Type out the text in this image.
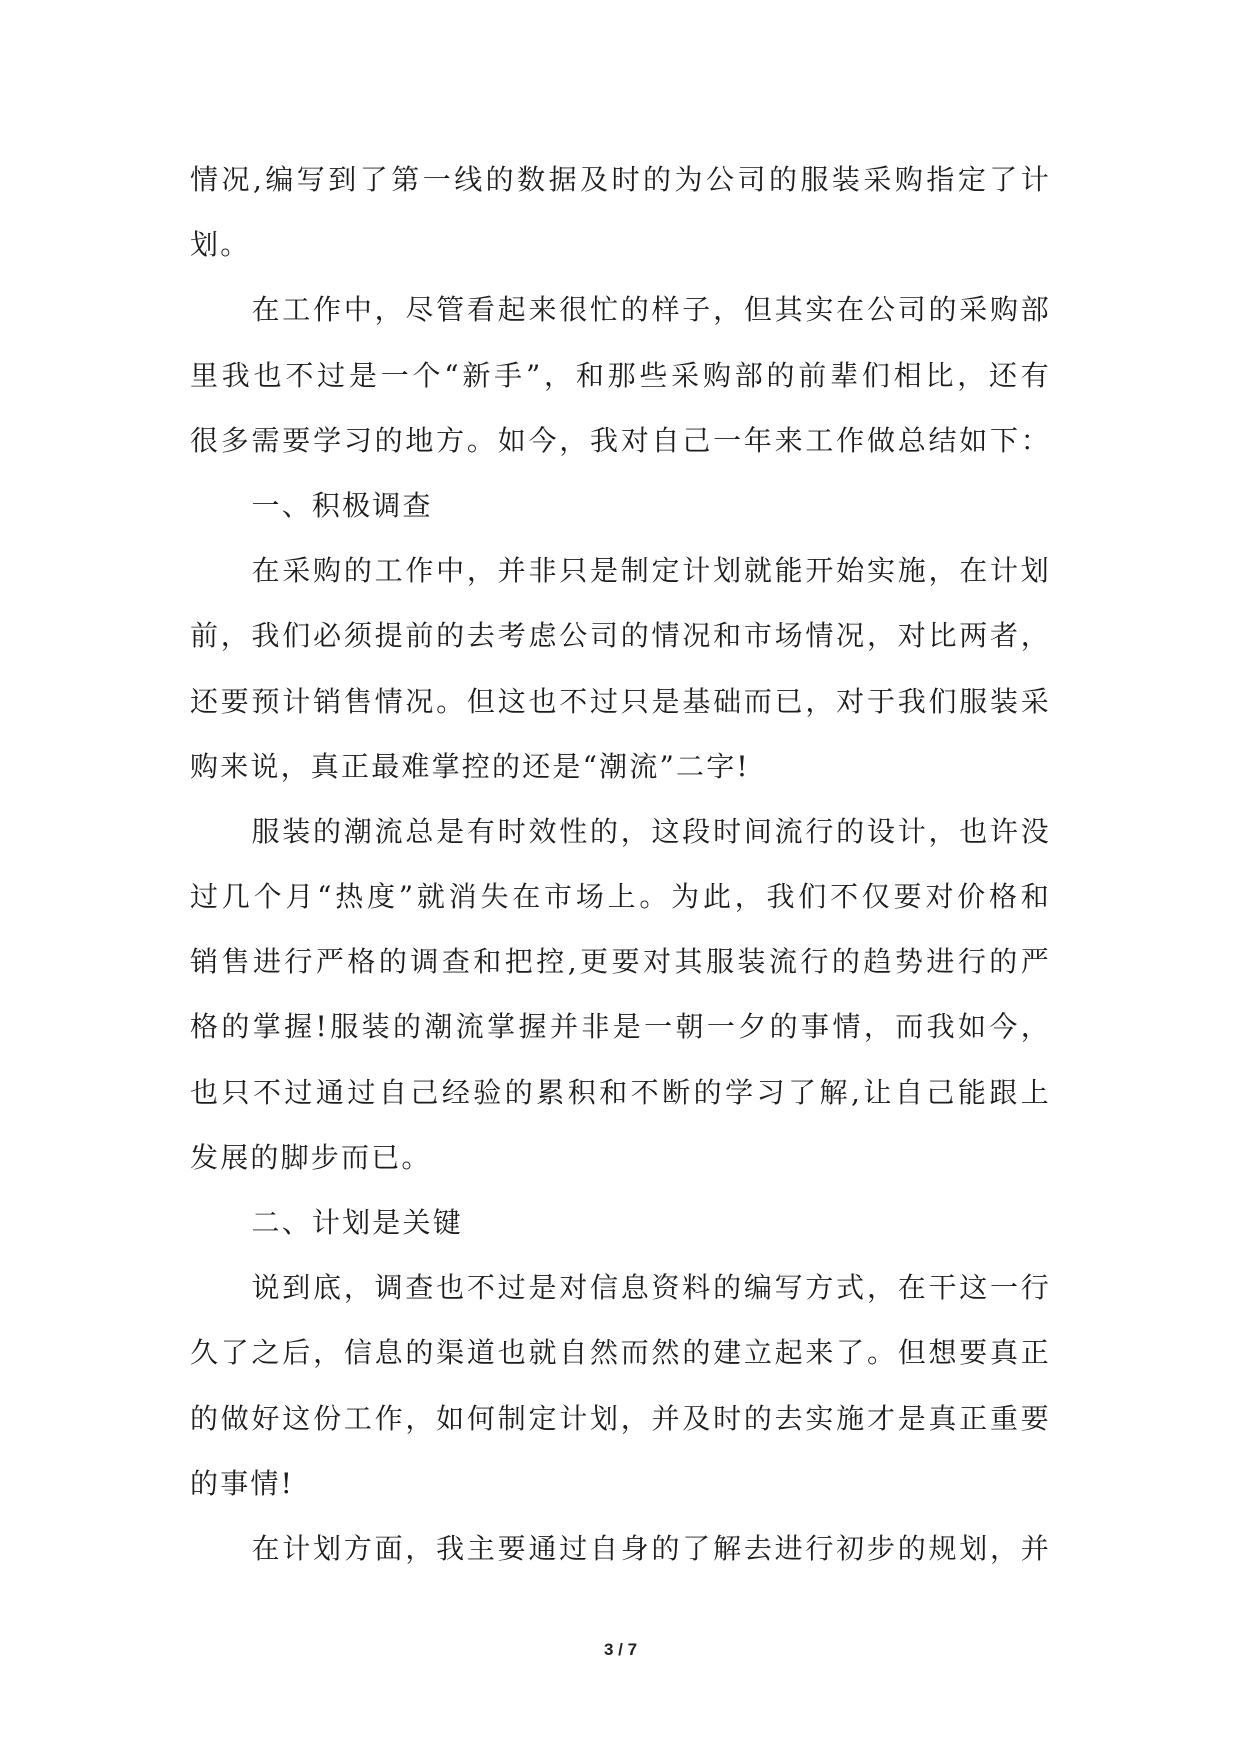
情况,编写到了第一线的数据及时的为公司的服装采购指定了计
划。
在工作中，尽管看起来很忙的样子，但其实在公司的采购部
里我也不过是一个“新手”，和那些采购部的前辈们相比，还有
很多需要学习的地方。如今，我对自己一年来工作做总结如下：
一、积极调查
在采购的工作中，并非只是制定计划就能开始实施，在计划
前，我们必须提前的去考虑公司的情况和市场情况，对比两者，
还要预计销售情况。但这也不过只是基础而已，对于我们服装采
购来说，真正最难掌控的还是“潮流”二字!
服装的潮流总是有时效性的，这段时间流行的设计，也许没
过几个月“热度”就消失在市场上。为此，我们不仅要对价格和
销售进行严格的调查和把控,更要对其服装流行的趋势进行的严
格的掌握!服装的潮流掌握并非是一朝一夕的事情，而我如今，
也只不过通过自己经验的累积和不断的学习了解,让自己能跟上
发展的脚步而已。
二、计划是关键
说到底，调查也不过是对信息资料的编写方式，在干这一行
久了之后，信息的渠道也就自然而然的建立起来了。但想要真正
的做好这份工作，如何制定计划，并及时的去实施才是真正重要
的事情!
在计划方面，我主要通过自身的了解去进行初步的规划，并
3 / 7
